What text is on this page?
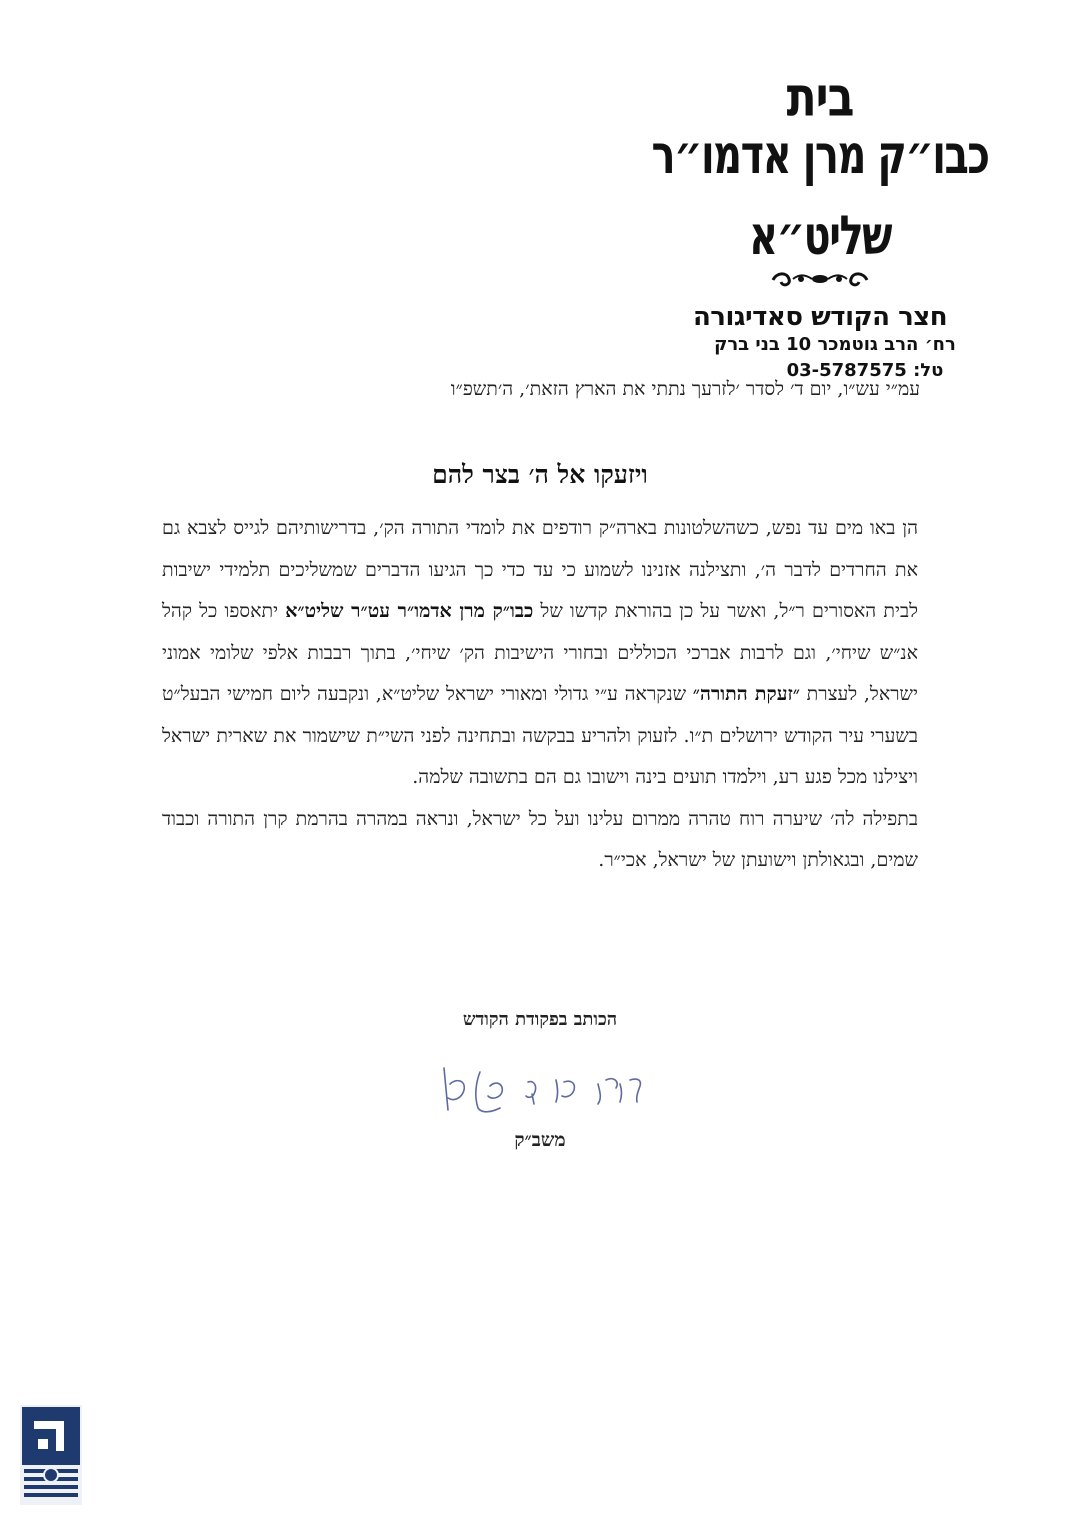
בית
כבו״ק מרן אדמו״ר שליט״א
חצר הקודש סאדיגורה
רח׳ הרב גוטמכר 10 בני ברק
טל: 03-5787575
עמ״י עש״ו, יום ד׳ לסדר ׳לזרעך נתתי את הארץ הזאת׳, ה׳תשפ״ו
ויזעקו אל ה׳ בצר להם

הן באו מים עד נפש, כשהשלטונות בארה״ק רודפים את לומדי התורה הק׳, בדרישותיהם לגייס לצבא גם את החרדים לדבר ה׳, ותצילנה אזנינו לשמוע כי עד כדי כך הגיעו הדברים שמשליכים תלמידי ישיבות לבית האסורים ר״ל, ואשר על כן בהוראת קדשו של כבו״ק מרן אדמו״ר עט״ר שליט״א יתאספו כל קהל אנ״ש שיחי׳, וגם לרבות אברכי הכוללים ובחורי הישיבות הק׳ שיחי׳, בתוך רבבות אלפי שלומי אמוני ישראל, לעצרת ״זעקת התורה״ שנקראה ע״י גדולי ומאורי ישראל שליט״א, ונקבעה ליום חמישי הבעל״ט בשערי עיר הקודש ירושלים ת״ו. לזעוק ולהריע בבקשה ובתחינה לפני השי״ת שישמור את שארית ישראל ויצילנו מכל פגע רע, וילמדו תועים בינה וישובו גם הם בתשובה שלמה.

בתפילה לה׳ שיערה רוח טהרה ממרום עלינו ועל כל ישראל, ונראה במהרה בהרמת קרן התורה וכבוד שמים, ובגאולתן וישועתן של ישראל, אכי״ר.

הכותב בפקודת הקודש
משב״ק
